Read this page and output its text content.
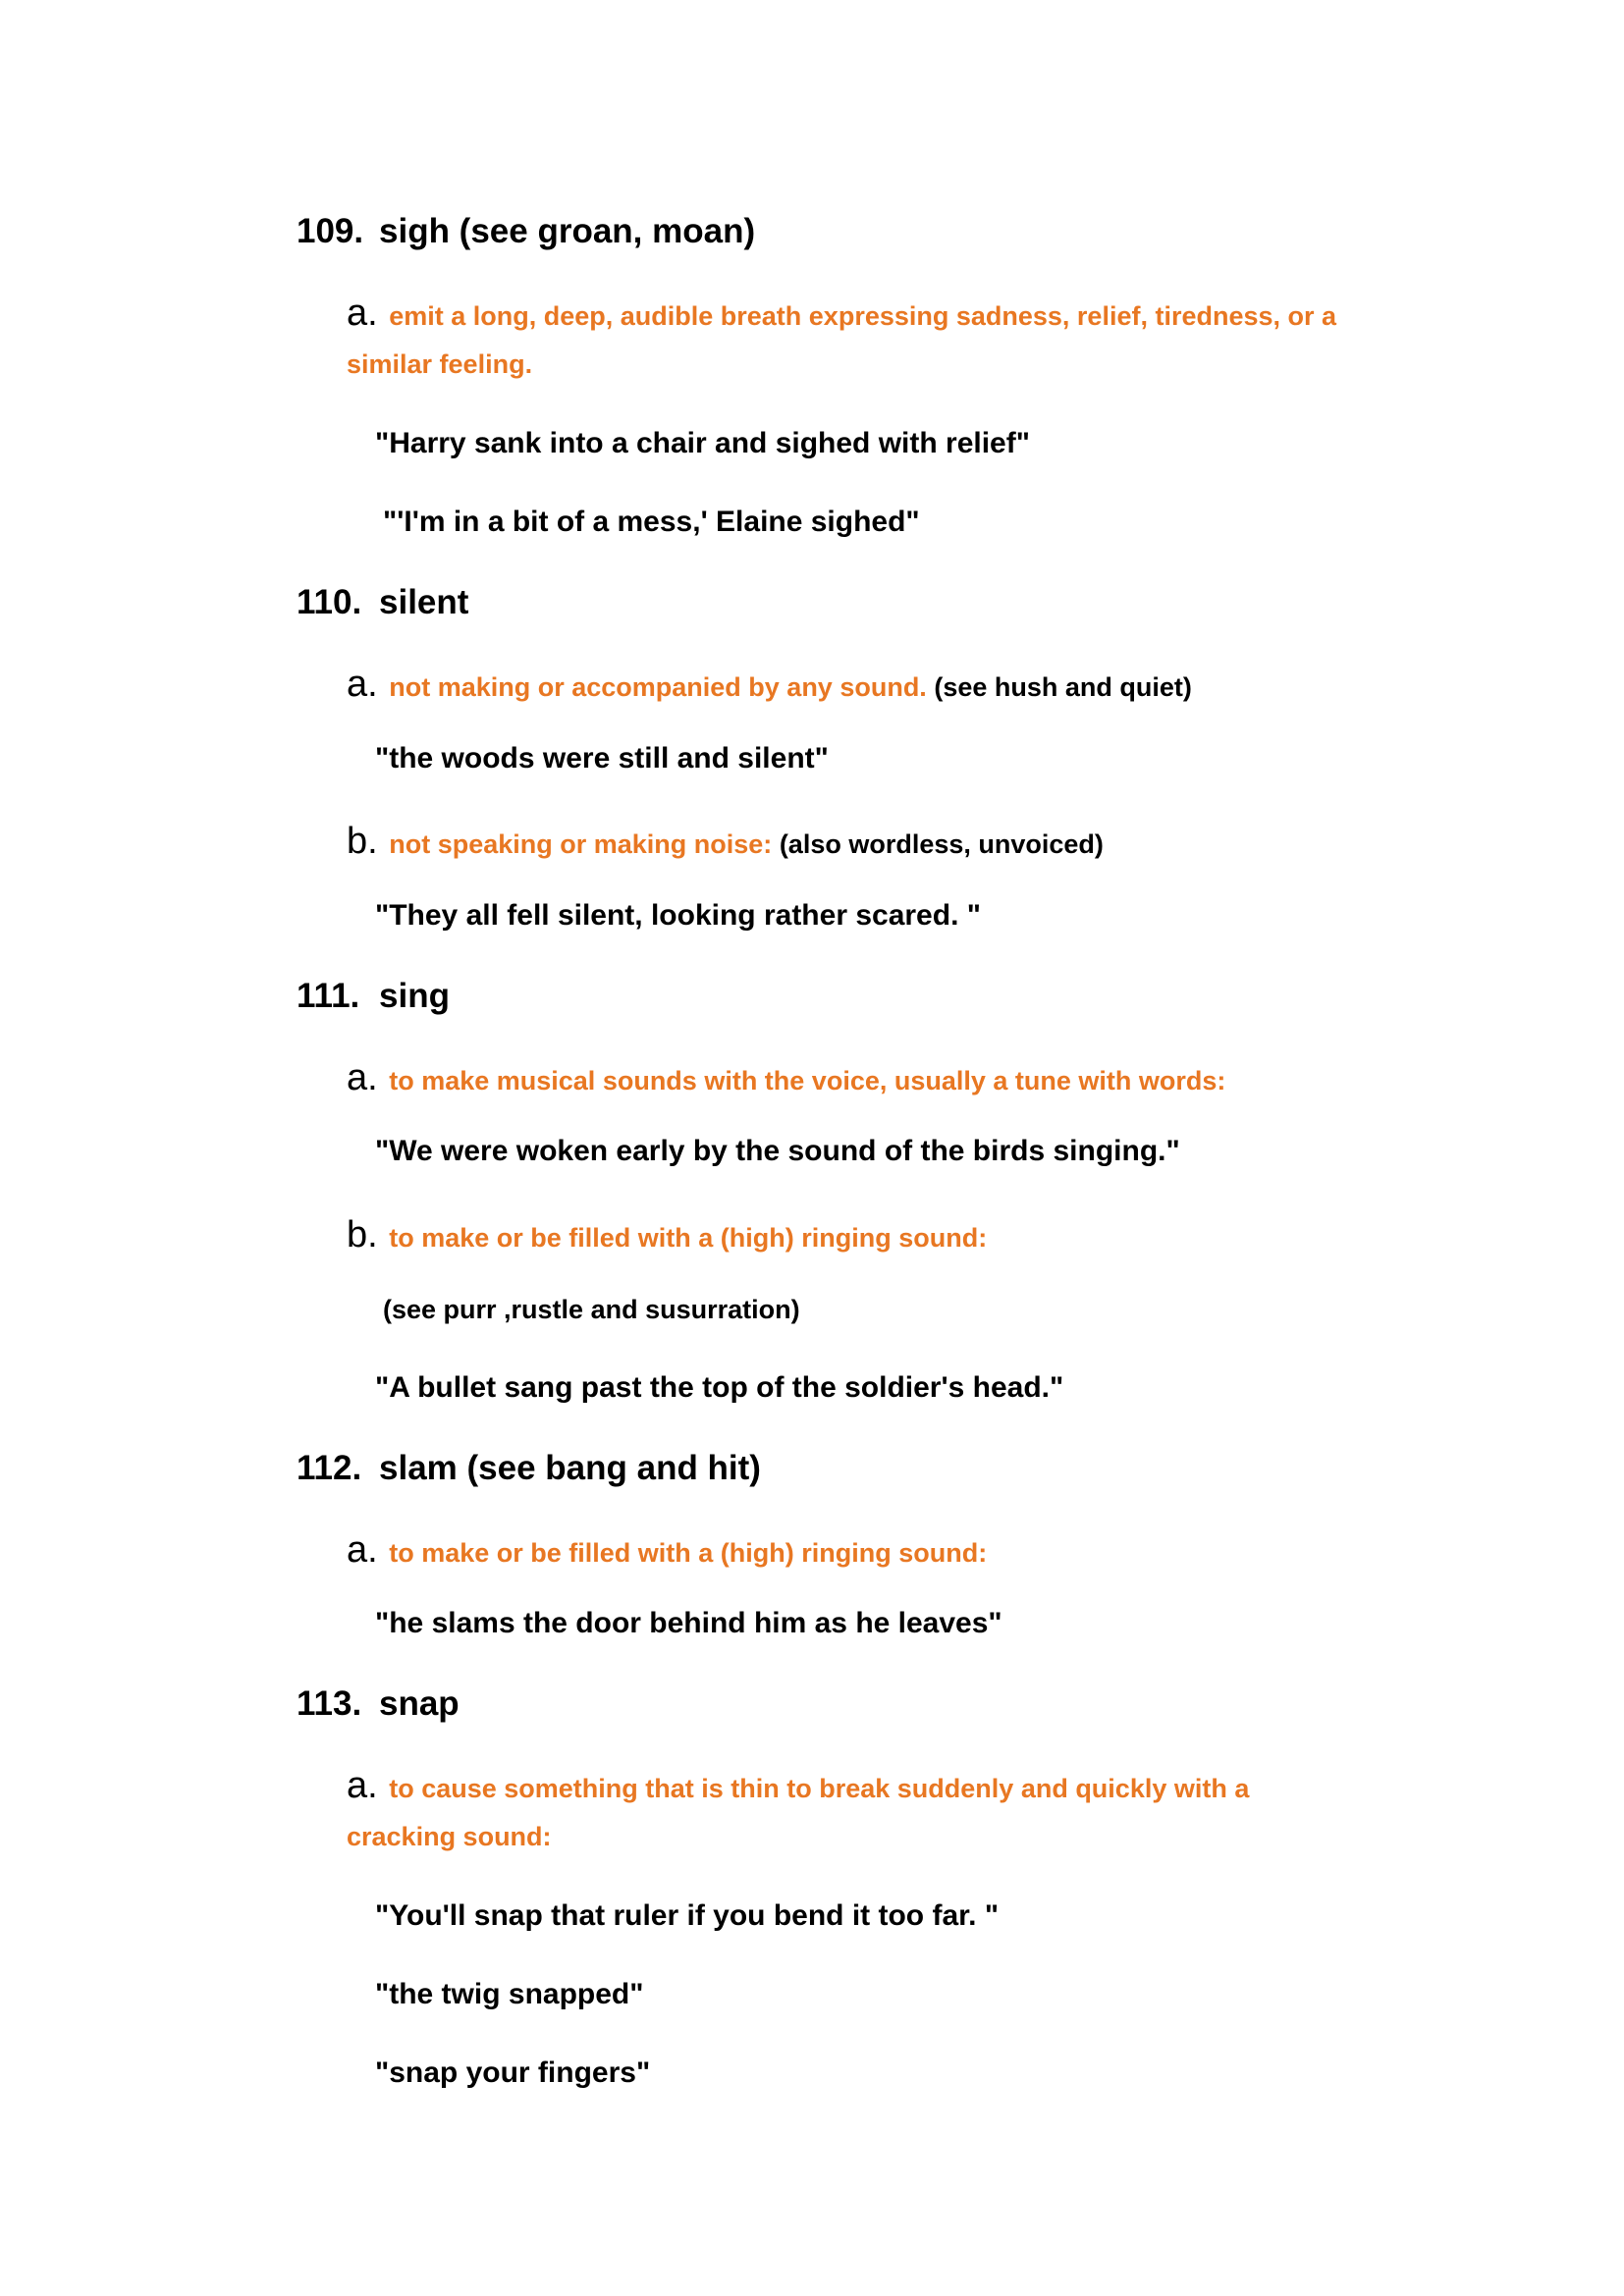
109. sigh (see groan, moan)
a. emit a long, deep, audible breath expressing sadness, relief, tiredness, or a
similar feeling.
"Harry sank into a chair and sighed with relief"
"'I'm in a bit of a mess,' Elaine sighed"
110. silent
a. not making or accompanied by any sound. (see hush and quiet)
"the woods were still and silent"
b. not speaking or making noise: (also wordless, unvoiced)
"They all fell silent, looking rather scared. "
111. sing
a. to make musical sounds with the voice, usually a tune with words:
"We were woken early by the sound of the birds singing."
b. to make or be filled with a (high) ringing sound:
(see purr ,rustle and susurration)
"A bullet sang past the top of the soldier's head."
112. slam (see bang and hit)
a. to make or be filled with a (high) ringing sound:
"he slams the door behind him as he leaves"
113. snap
a. to cause something that is thin to break suddenly and quickly with a
cracking sound:
"You'll snap that ruler if you bend it too far. "
"the twig snapped"
"snap your fingers"
